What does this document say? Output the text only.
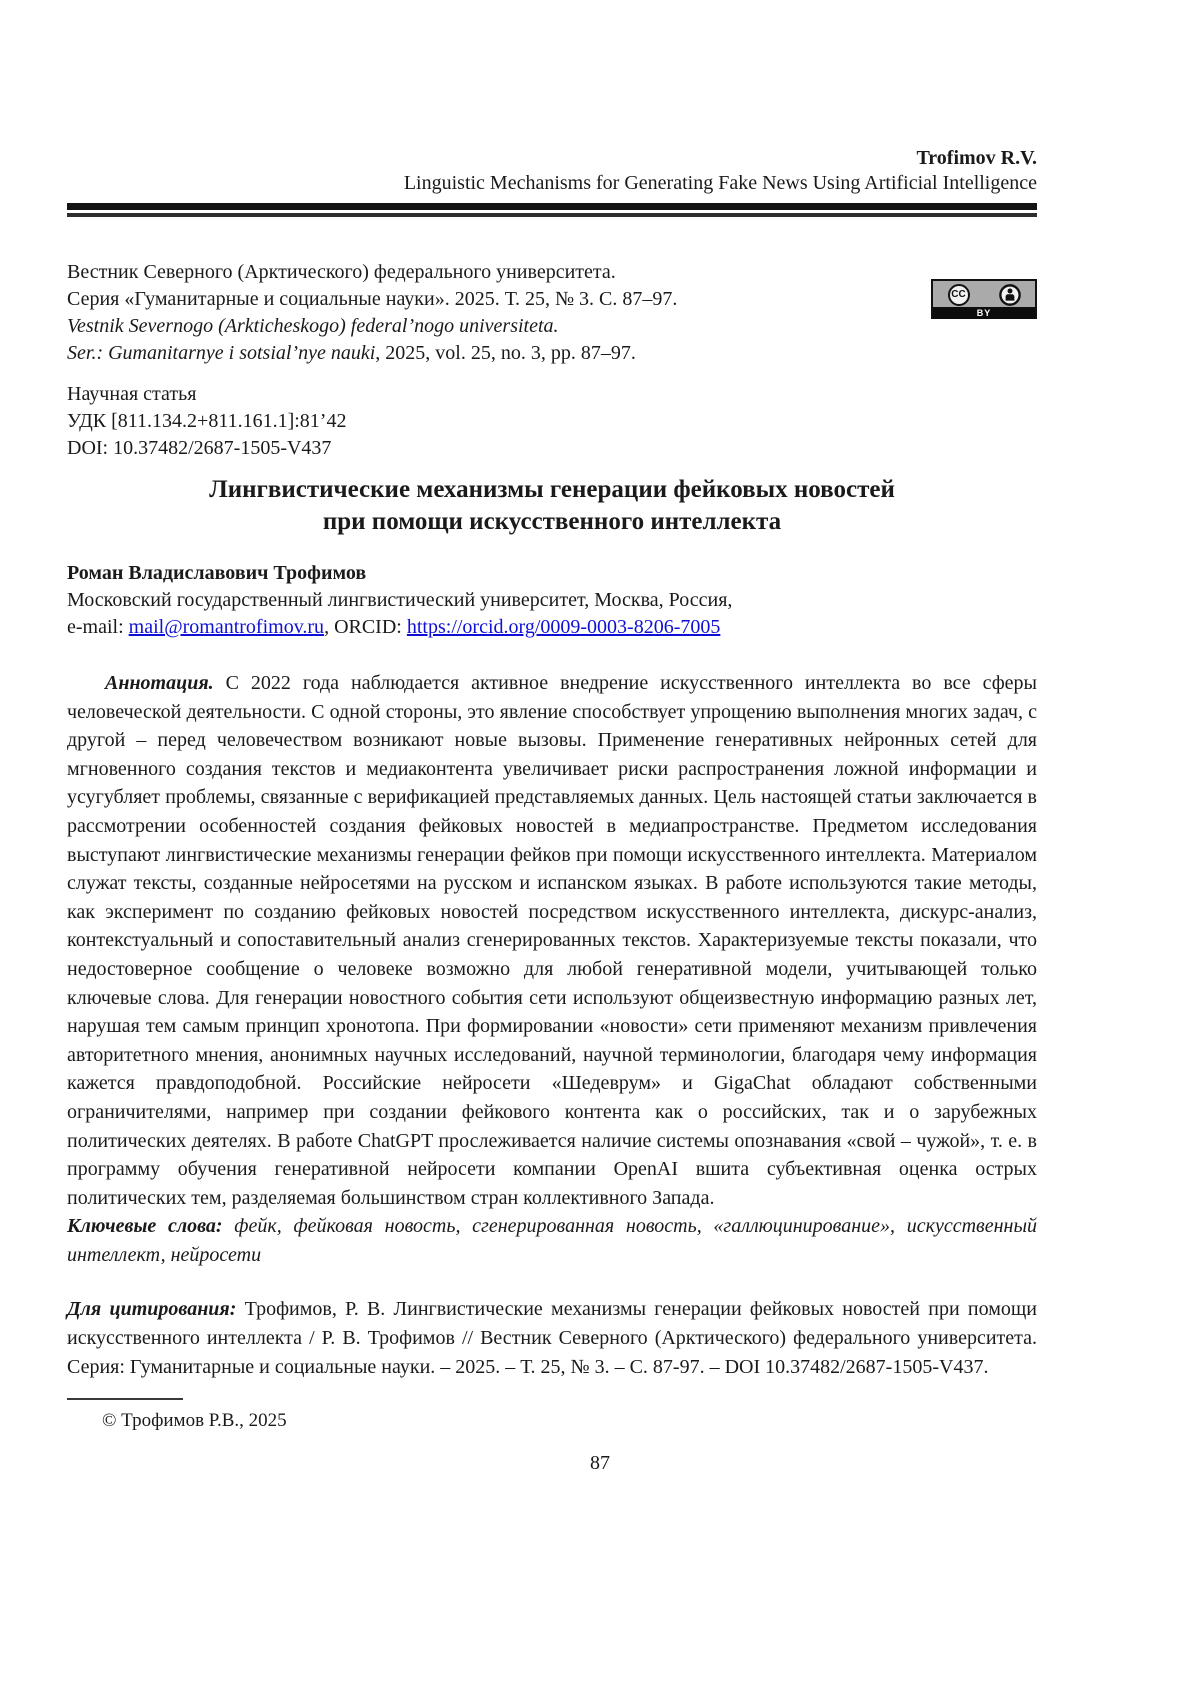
Trofimov R.V.
Linguistic Mechanisms for Generating Fake News Using Artificial Intelligence
Вестник Северного (Арктического) федерального университета.
Серия «Гуманитарные и социальные науки». 2025. Т. 25, № 3. С. 87–97.
Vestnik Severnogo (Arkticheskogo) federal’nogo universiteta.
Ser.: Gumanitarnye i sotsial’nye nauki, 2025, vol. 25, no. 3, pp. 87–97.
CC
BY
Научная статья
УДК [811.134.2+811.161.1]:81’42
DOI: 10.37482/2687-1505-V437
Лингвистические механизмы генерации фейковых новостей
при помощи искусственного интеллекта
Роман Владиславович Трофимов
Московский государственный лингвистический университет, Москва, Россия,
e-mail: mail@romantrofimov.ru, ORCID: https://orcid.org/0009-0003-8206-7005

Аннотация. С 2022 года наблюдается активное внедрение искусственного интеллекта во все сферы человеческой деятельности. С одной стороны, это явление способствует упрощению выполнения многих задач, с другой – перед человечеством возникают новые вызовы. Применение генеративных нейронных сетей для мгновенного создания текстов и медиаконтента увеличивает риски распространения ложной информации и усугубляет проблемы, связанные с верификацией представляемых данных. Цель настоящей статьи заключается в рассмотрении особенностей создания фейковых новостей в медиапространстве. Предметом исследования выступают лингвистические механизмы генерации фейков при помощи искусственного интеллекта. Материалом служат тексты, созданные нейросетями на русском и испанском языках. В работе используются такие методы, как эксперимент по созданию фейковых новостей посредством искусственного интеллекта, дискурс-анализ, контекстуальный и сопоставительный анализ сгенерированных текстов. Характеризуемые тексты показали, что недостоверное сообщение о человеке возможно для любой генеративной модели, учитывающей только ключевые слова. Для генерации новостного события сети используют общеизвестную информацию разных лет, нарушая тем самым принцип хронотопа. При формировании «новости» сети применяют механизм привлечения авторитетного мнения, анонимных научных исследований, научной терминологии, благодаря чему информация кажется правдоподобной. Российские нейросети «Шедеврум» и GigaChat обладают собственными ограничителями, например при создании фейкового контента как о российских, так и о зарубежных политических деятелях. В работе ChatGPT прослеживается наличие системы опознавания «свой – чужой», т. е. в программу обучения генеративной нейросети компании OpenAI вшита субъективная оценка острых политических тем, разделяемая большинством стран коллективного Запада.

Ключевые слова: фейк, фейковая новость, сгенерированная новость, «галлюцинирование», искусственный интеллект, нейросети

Для цитирования: Трофимов, Р. В. Лингвистические механизмы генерации фейковых новостей при помощи искусственного интеллекта / Р. В. Трофимов // Вестник Северного (Арктического) федерального университета. Серия: Гуманитарные и социальные науки. – 2025. – Т. 25, № 3. – С. 87-97. – DOI 10.37482/2687-1505-V437.

© Трофимов Р.В., 2025
87
